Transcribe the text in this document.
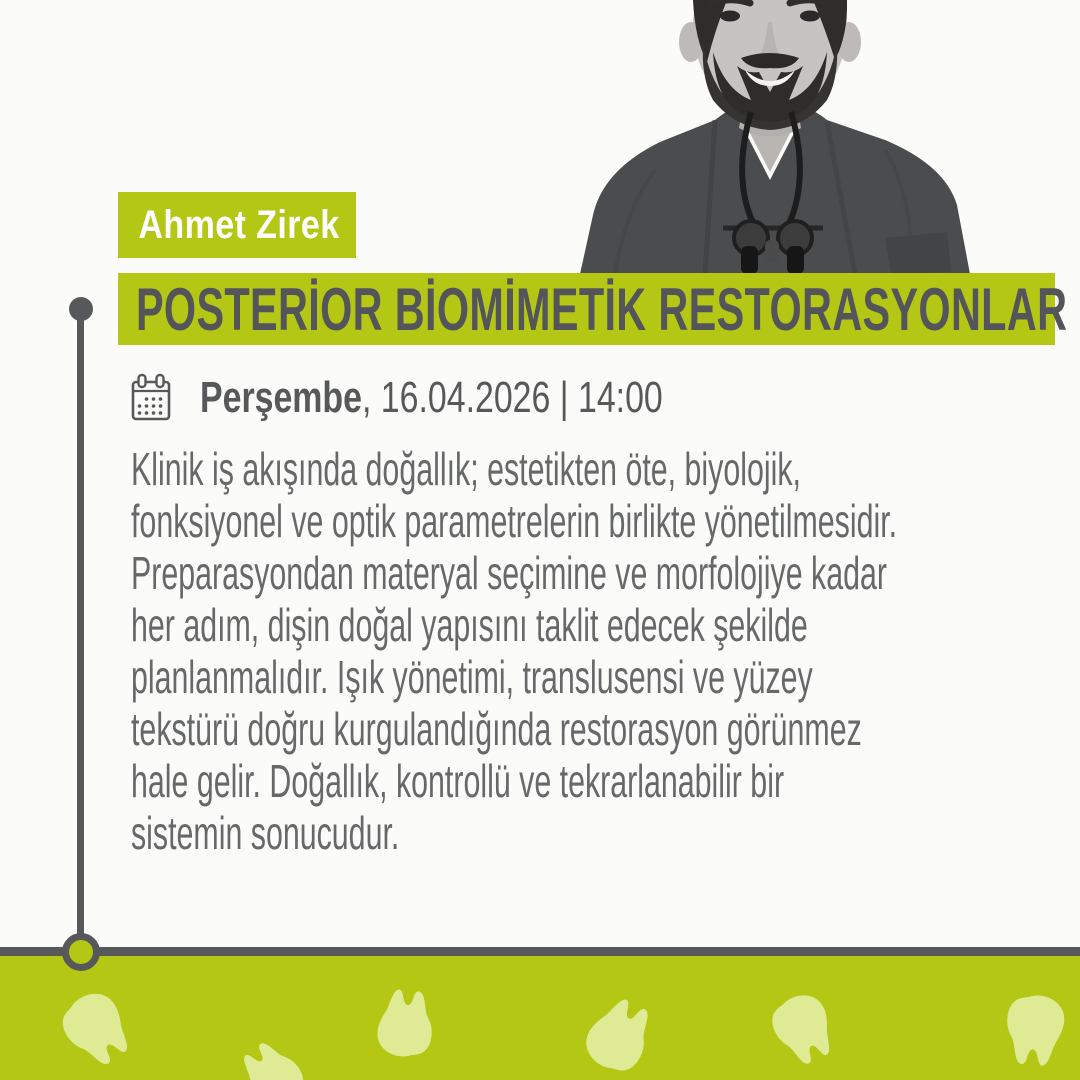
Ahmet Zirek
POSTERİOR BİOMİMETİK RESTORASYONLAR
Perşembe, 16.04.2026 | 14:00
Klinik iş akışında doğallık; estetikten öte, biyolojik,
fonksiyonel ve optik parametrelerin birlikte yönetilmesidir.
Preparasyondan materyal seçimine ve morfolojiye kadar
her adım, dişin doğal yapısını taklit edecek şekilde
planlanmalıdır. Işık yönetimi, translusensi ve yüzey
tekstürü doğru kurgulandığında restorasyon görünmez
hale gelir. Doğallık, kontrollü ve tekrarlanabilir bir
sistemin sonucudur.
